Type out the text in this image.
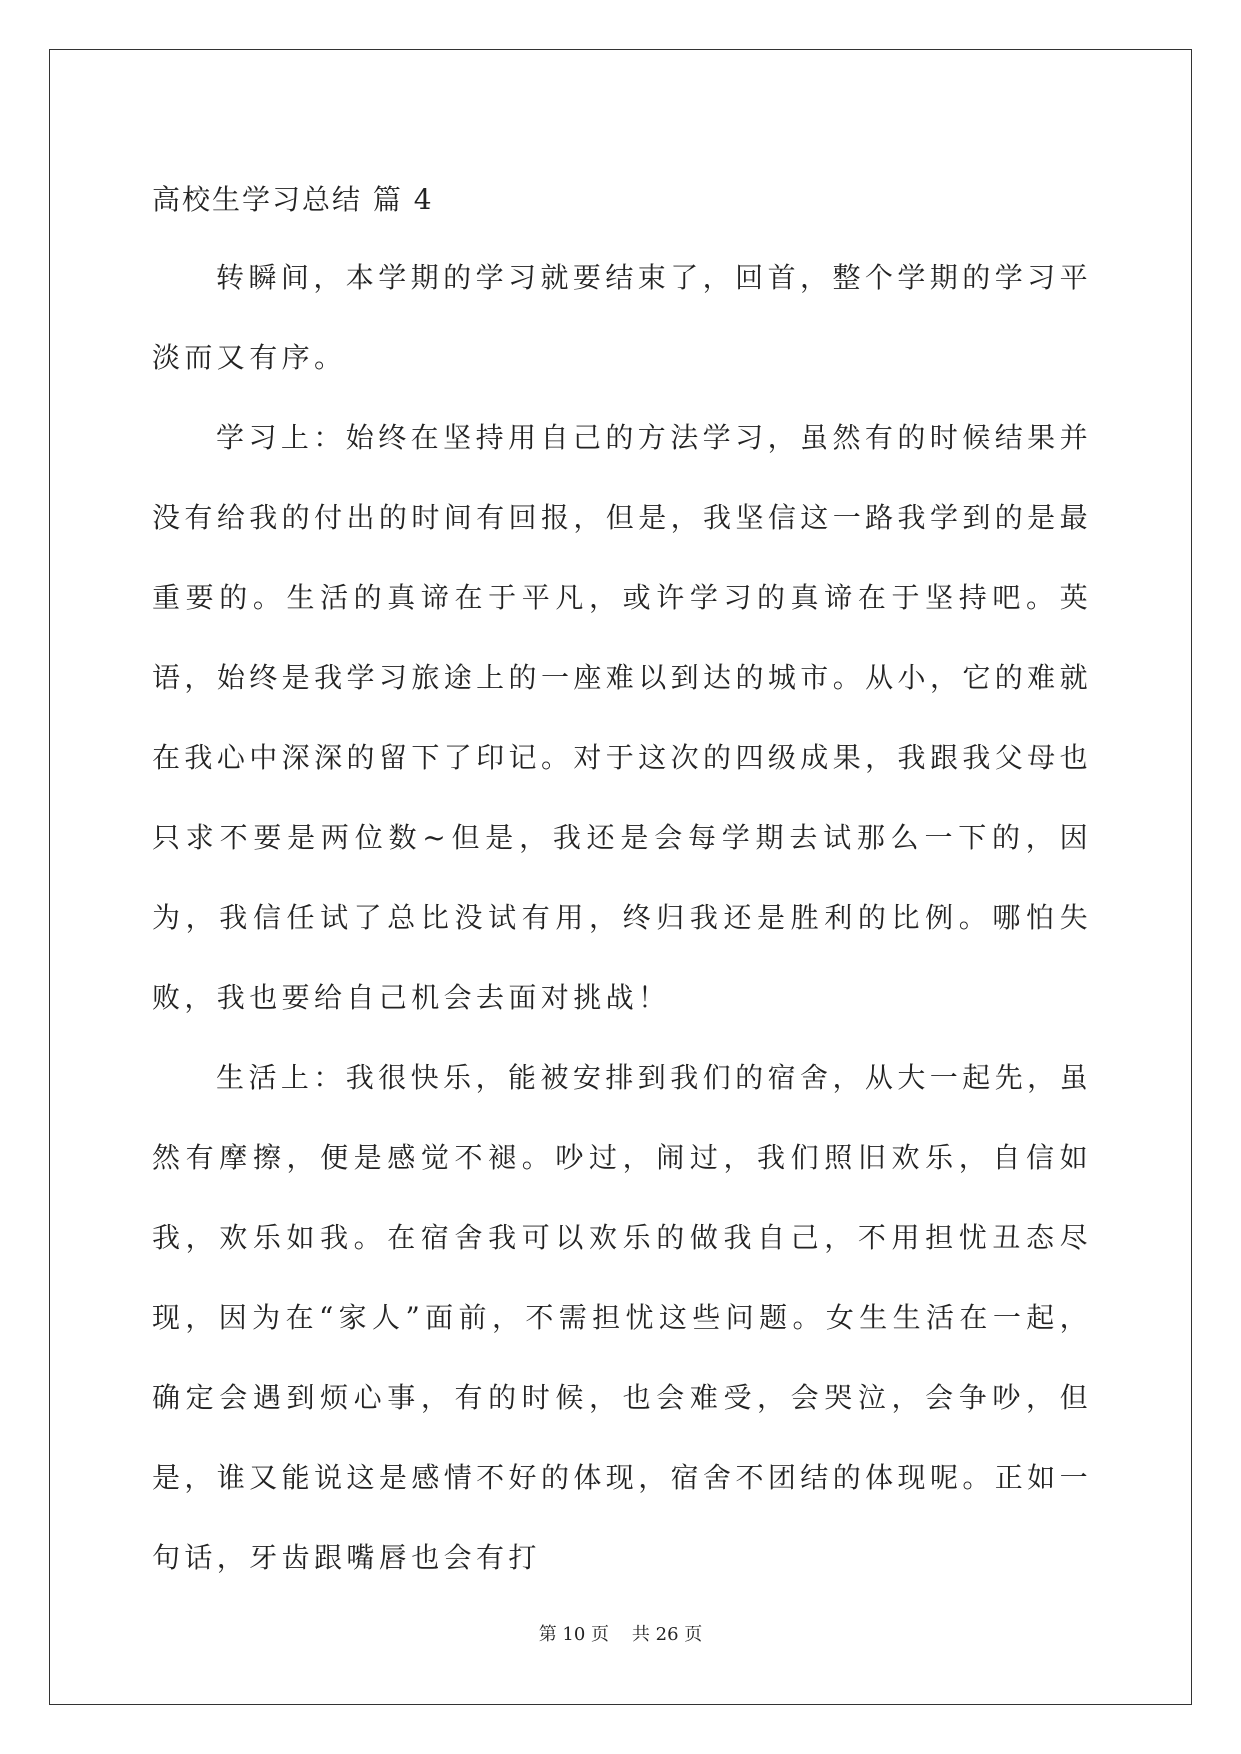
高校生学习总结 篇 4

转瞬间，本学期的学习就要结束了，回首，整个学期的学习平淡而又有序。

学习上：始终在坚持用自己的方法学习，虽然有的时候结果并没有给我的付出的时间有回报，但是，我坚信这一路我学到的是最重要的。生活的真谛在于平凡，或许学习的真谛在于坚持吧。英语，始终是我学习旅途上的一座难以到达的城市。从小，它的难就在我心中深深的留下了印记。对于这次的四级成果，我跟我父母也只求不要是两位数~但是，我还是会每学期去试那么一下的，因为，我信任试了总比没试有用，终归我还是胜利的比例。哪怕失败，我也要给自己机会去面对挑战！

生活上：我很快乐，能被安排到我们的宿舍，从大一起先，虽然有摩擦，便是感觉不褪。吵过，闹过，我们照旧欢乐，自信如我，欢乐如我。在宿舍我可以欢乐的做我自己，不用担忧丑态尽现，因为在“家人”面前，不需担忧这些问题。女生生活在一起，确定会遇到烦心事，有的时候，也会难受，会哭泣，会争吵，但是，谁又能说这是感情不好的体现，宿舍不团结的体现呢。正如一句话，牙齿跟嘴唇也会有打

第 10 页    共 26 页
